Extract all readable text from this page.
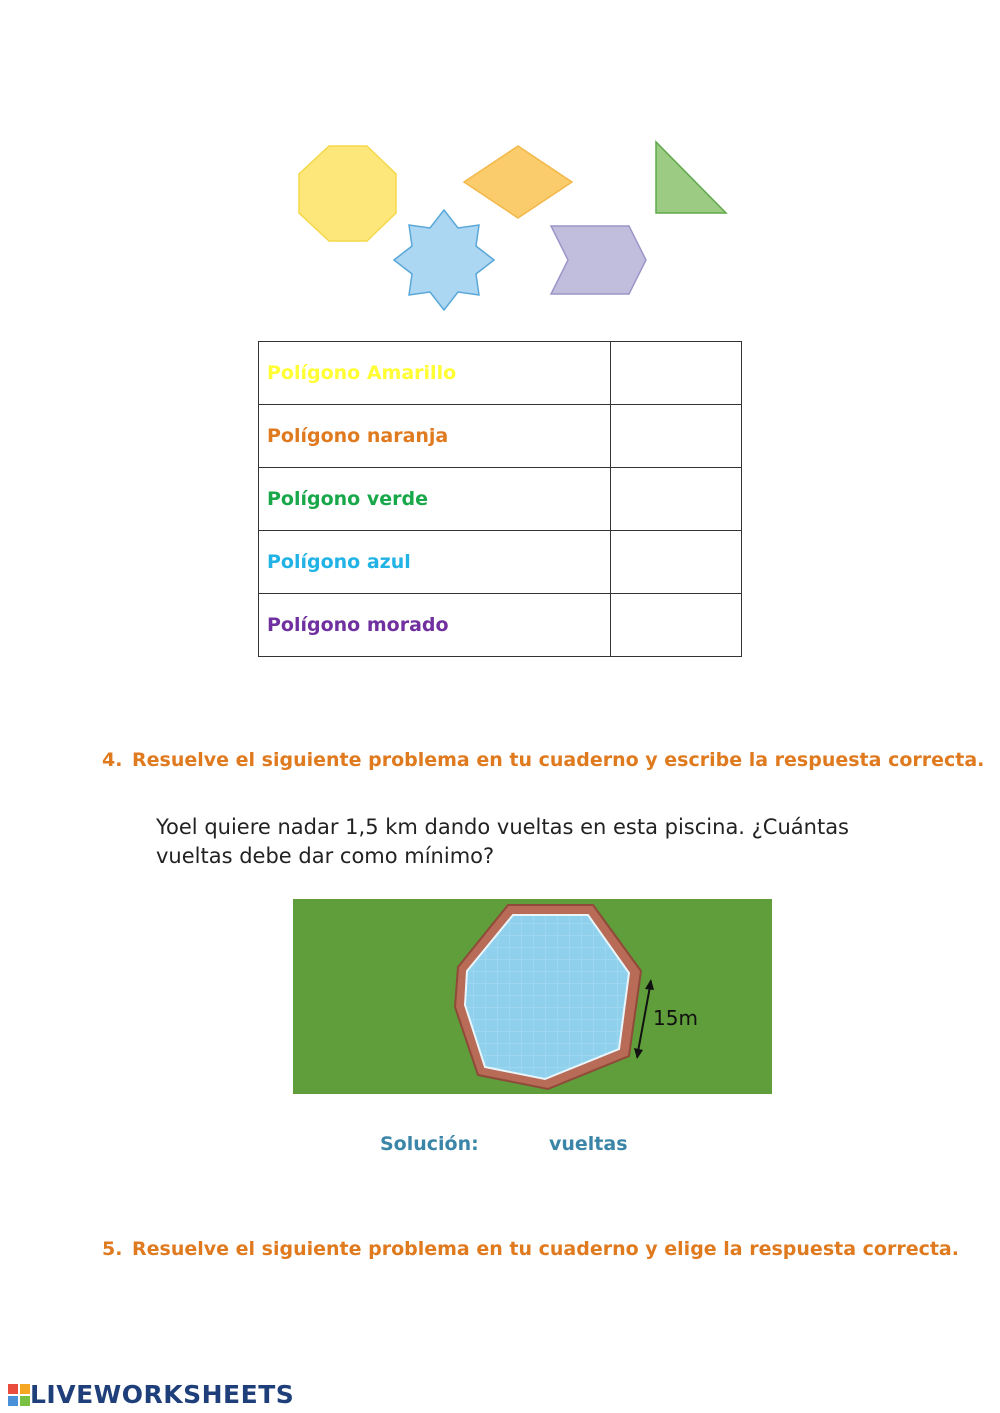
Polígono Amarillo	
Polígono naranja	
Polígono verde	
Polígono azul	
Polígono morado	
4. Resuelve el siguiente problema en tu cuaderno y escribe la respuesta correcta.
Yoel quiere nadar 1,5 km dando vueltas en esta piscina. ¿Cuántas
vueltas debe dar como mínimo?
15m
Solución:	vueltas
5. Resuelve el siguiente problema en tu cuaderno y elige la respuesta correcta.
LIVEWORKSHEETS
